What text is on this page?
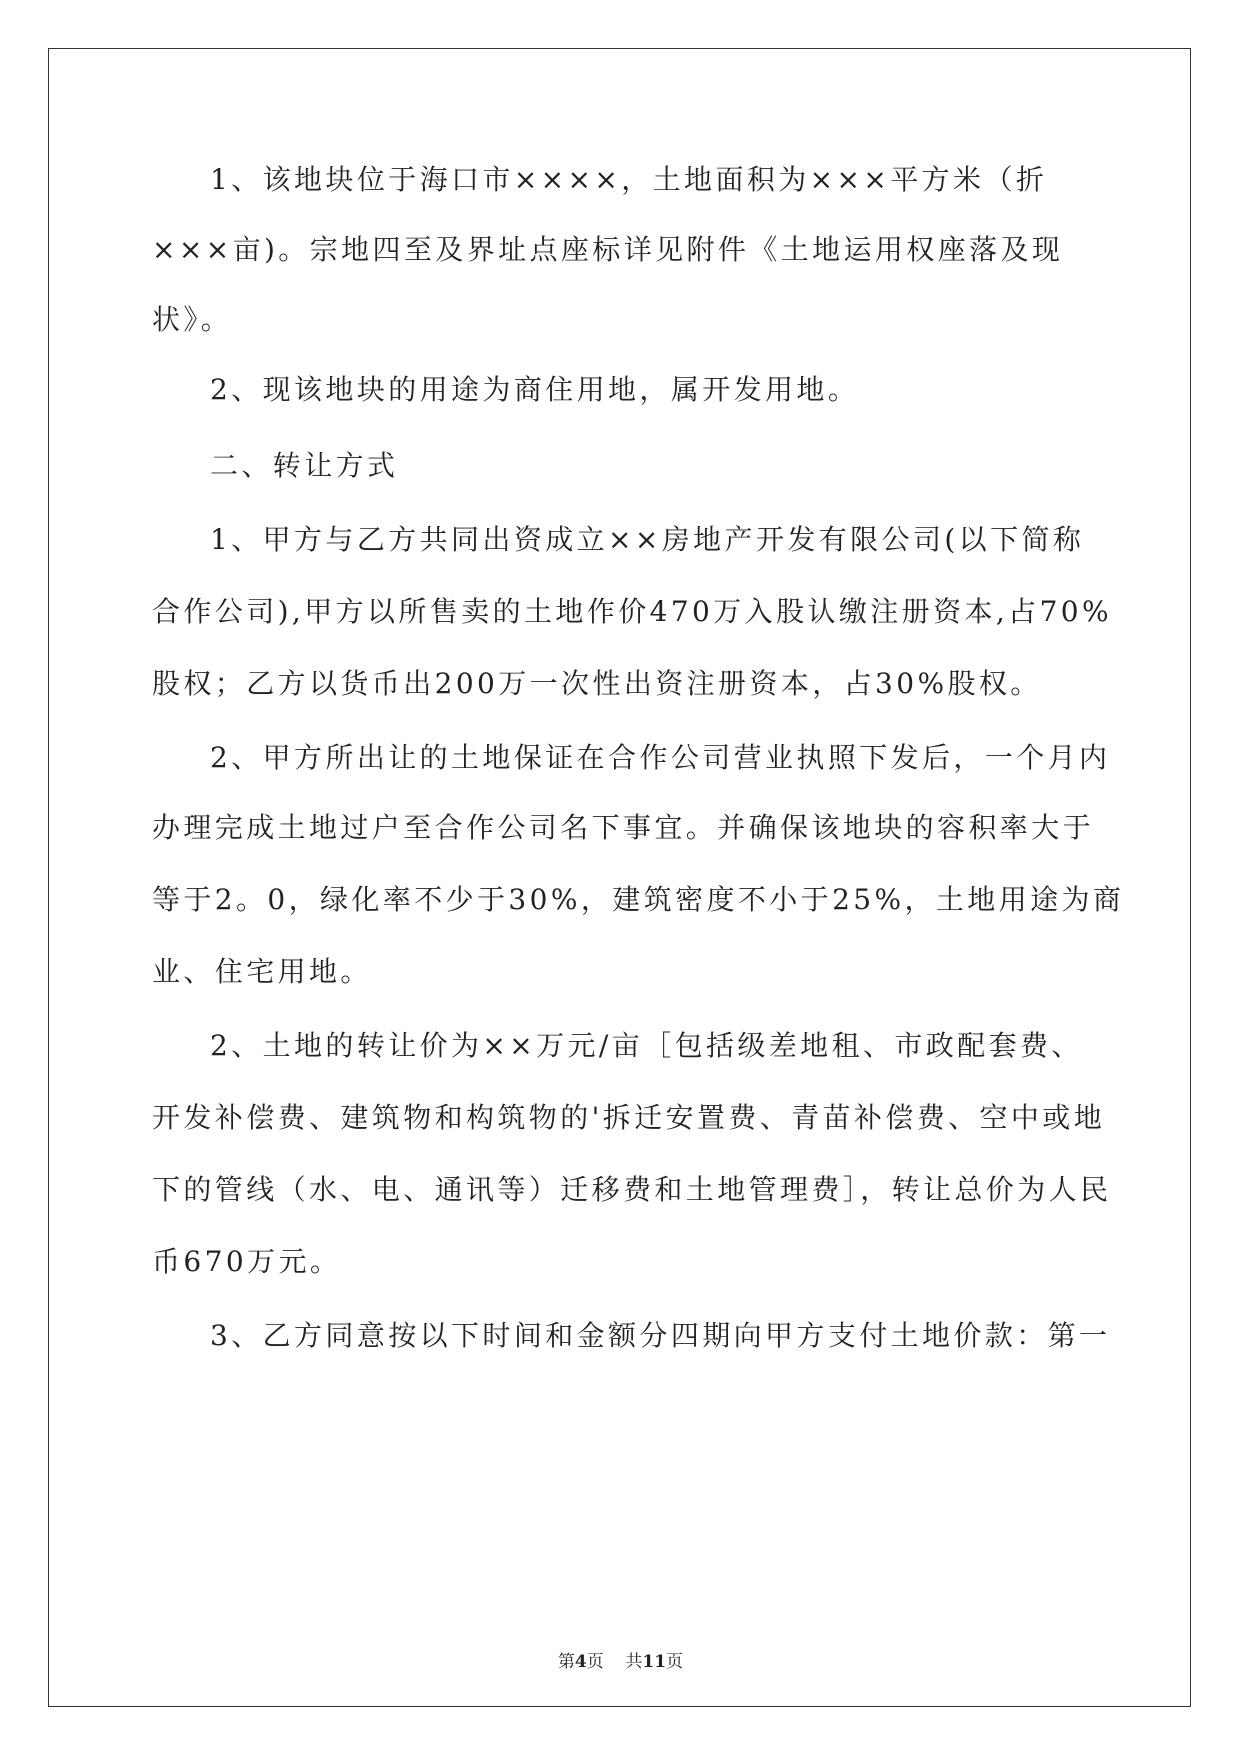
1、该地块位于海口市××××，土地面积为×××平方米（折
×××亩)。宗地四至及界址点座标详见附件《土地运用权座落及现
状》。
2、现该地块的用途为商住用地，属开发用地。
二、转让方式
1、甲方与乙方共同出资成立××房地产开发有限公司(以下简称
合作公司),甲方以所售卖的土地作价470万入股认缴注册资本,占70%
股权；乙方以货币出200万一次性出资注册资本，占30%股权。
2、甲方所出让的土地保证在合作公司营业执照下发后，一个月内
办理完成土地过户至合作公司名下事宜。并确保该地块的容积率大于
等于2。0，绿化率不少于30%，建筑密度不小于25%，土地用途为商
业、住宅用地。
2、土地的转让价为××万元/亩［包括级差地租、市政配套费、
开发补偿费、建筑物和构筑物的'拆迁安置费、青苗补偿费、空中或地
下的管线（水、电、通讯等）迁移费和土地管理费］，转让总价为人民
币670万元。
3、乙方同意按以下时间和金额分四期向甲方支付土地价款：第一
第4页 共11页
